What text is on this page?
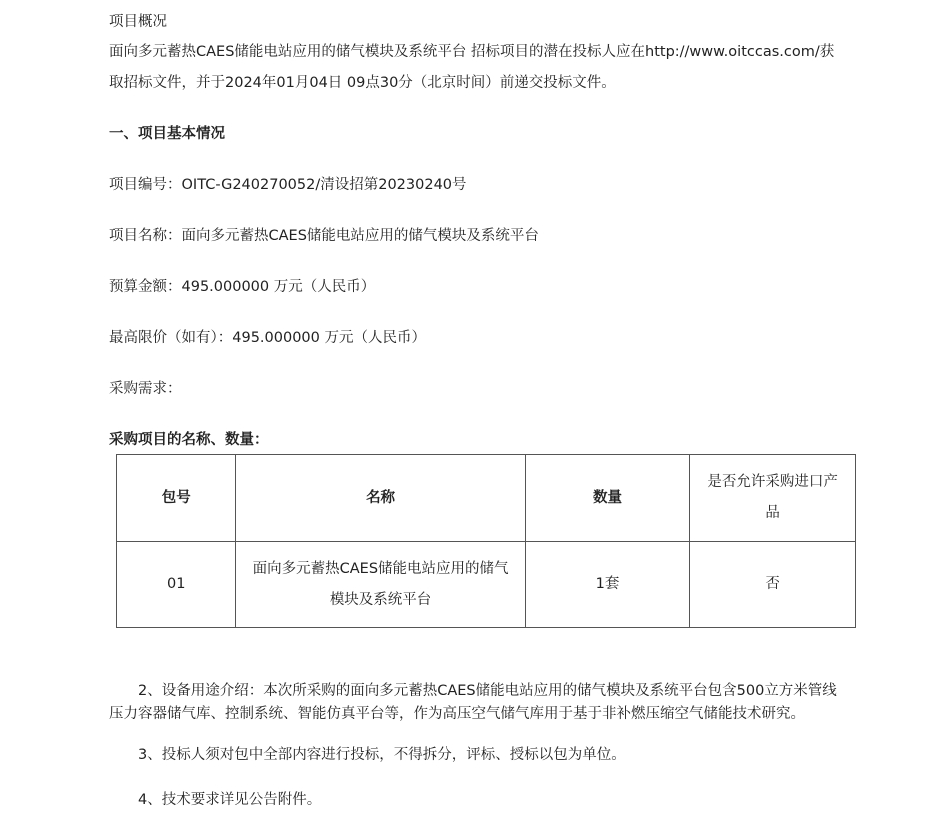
项目概况

面向多元蓄热CAES储能电站应用的储气模块及系统平台 招标项目的潜在投标人应在http://www.oitccas.com/获

取招标文件，并于2024年01月04日 09点30分（北京时间）前递交投标文件。

一、项目基本情况

项目编号：OITC-G240270052/清设招第20230240号

项目名称：面向多元蓄热CAES储能电站应用的储气模块及系统平台

预算金额：495.000000 万元（人民币）

最高限价（如有）：495.000000 万元（人民币）

采购需求：

采购项目的名称、数量：

包号	名称	数量	是否允许采购进口产
品
01	面向多元蓄热CAES储能电站应用的储气
模块及系统平台	1套	否

2、设备用途介绍：本次所采购的面向多元蓄热CAES储能电站应用的储气模块及系统平台包含500立方米管线

压力容器储气库、控制系统、智能仿真平台等，作为高压空气储气库用于基于非补燃压缩空气储能技术研究。

3、投标人须对包中全部内容进行投标，不得拆分，评标、授标以包为单位。

4、技术要求详见公告附件。
